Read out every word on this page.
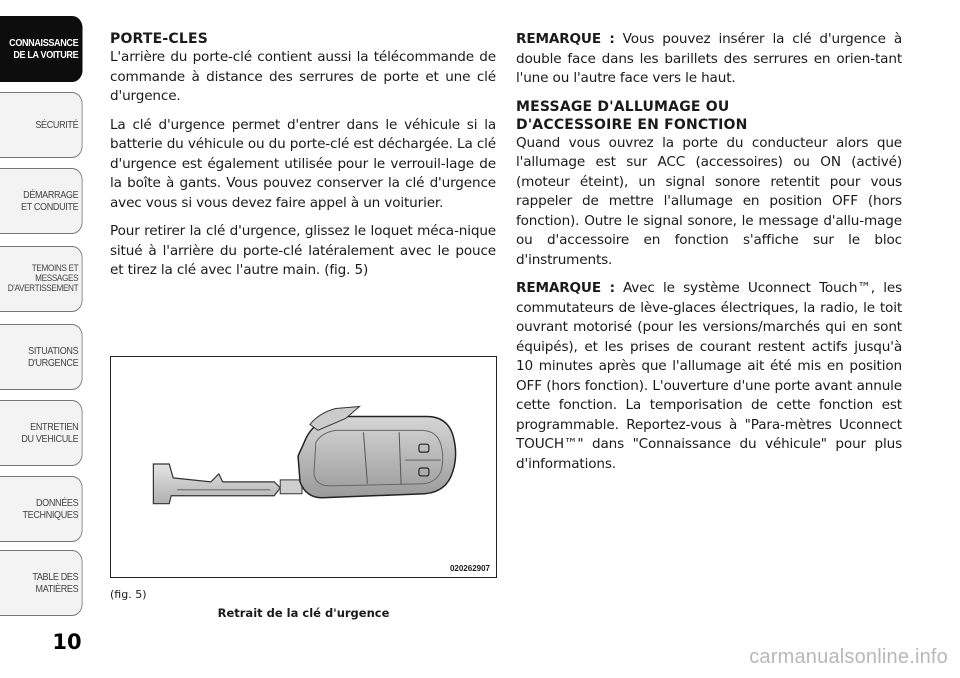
CONNAISSANCE
DE LA VOITURE
SÉCURITÉ
DÉMARRAGE
ET CONDUITE
TEMOINS ET
MESSAGES
D'AVERTISSEMENT
SITUATIONS
D'URGENCE
ENTRETIEN
DU VEHICULE
DONNÉES
TECHNIQUES
TABLE DES
MATIÈRES
10
PORTE-CLES

L'arrière du porte-clé contient aussi la télécommande de commande à distance des serrures de porte et une clé d'urgence.

La clé d'urgence permet d'entrer dans le véhicule si la batterie du véhicule ou du porte-clé est déchargée. La clé d'urgence est également utilisée pour le verrouil-lage de la boîte à gants. Vous pouvez conserver la clé d'urgence avec vous si vous devez faire appel à un voiturier.

Pour retirer la clé d'urgence, glissez le loquet méca-nique situé à l'arrière du porte-clé latéralement avec le pouce et tirez la clé avec l'autre main. (fig. 5)

020262907
(fig. 5)
Retrait de la clé d'urgence

REMARQUE : Vous pouvez insérer la clé d'urgence à double face dans les barillets des serrures en orien-tant l'une ou l'autre face vers le haut.

MESSAGE D'ALLUMAGE OU
D'ACCESSOIRE EN FONCTION

Quand vous ouvrez la porte du conducteur alors que l'allumage est sur ACC (accessoires) ou ON (activé) (moteur éteint), un signal sonore retentit pour vous rappeler de mettre l'allumage en position OFF (hors fonction). Outre le signal sonore, le message d'allu-mage ou d'accessoire en fonction s'affiche sur le bloc d'instruments.

REMARQUE : Avec le système Uconnect Touch™, les commutateurs de lève-glaces électriques, la radio, le toit ouvrant motorisé (pour les versions/marchés qui en sont équipés), et les prises de courant restent actifs jusqu'à 10 minutes après que l'allumage ait été mis en position OFF (hors fonction). L'ouverture d'une porte avant annule cette fonction. La temporisation de cette fonction est programmable. Reportez-vous à "Para-mètres Uconnect TOUCH™" dans "Connaissance du véhicule" pour plus d'informations.

carmanualsonline.info
